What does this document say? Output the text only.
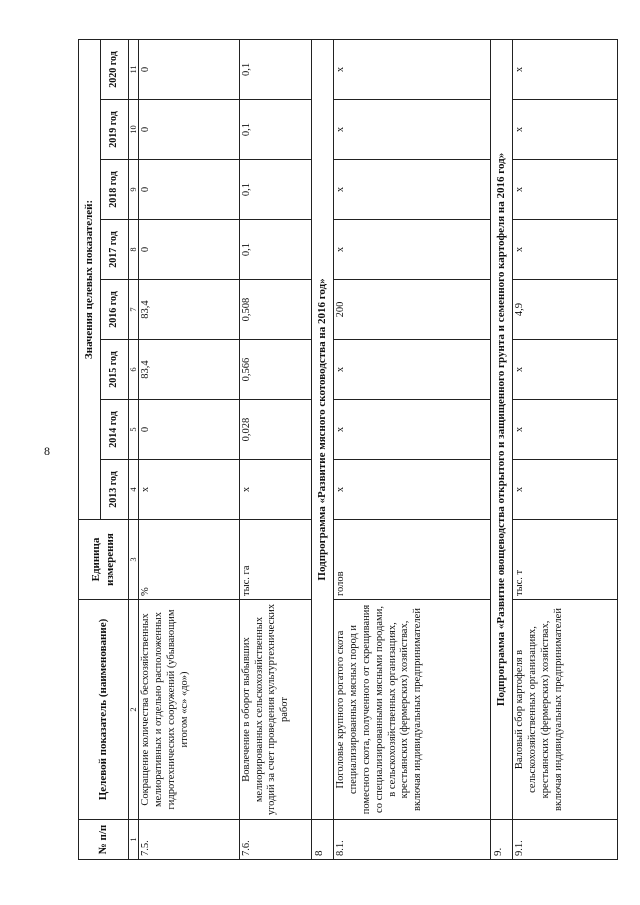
8
№ п/п	Целевой показатель (наименование)	Единица измерения	Значения целевых показателей:							
			2013 год	2014 год	2015 год	2016 год	2017 год	2018 год	2019 год	2020 год
1	2	3	4	5	6	7	8	9	10	11
7.5.	Сокращение количества бесхозяйственных мелиоративных и отдельно расположенных гидротехнических сооружений (убывающим итогом «с» «до»)	%	x	0	83,4	83,4	0	0	0	0
7.6.	Вовлечение в оборот выбывших мелиорированных сельскохозяйственных угодий за счет проведения культуртехнических работ	тыс. га	x	0,028	0,566	0,508	0,1	0,1	0,1	0,1
8	Подпрограмма «Развитие мясного скотоводства на 2016 год»									
8.1.	Поголовье крупного рогатого скота специализированных мясных пород и помесного скота, полученного от скрещивания со специализированными мясными породами, в сельскохозяйственных организациях, крестьянских (фермерских) хозяйствах, включая индивидуальных предпринимателей	голов	x	x	x	200	x	x	x	x
9.	Подпрограмма «Развитие овощеводства открытого и защищенного грунта и семенного картофеля на 2016 год»									
9.1.	Валовый сбор картофеля в сельскохозяйственных организациях, крестьянских (фермерских) хозяйствах, включая индивидуальных предпринимателей	тыс. т	x	x	x	4,9	x	x	x	x
